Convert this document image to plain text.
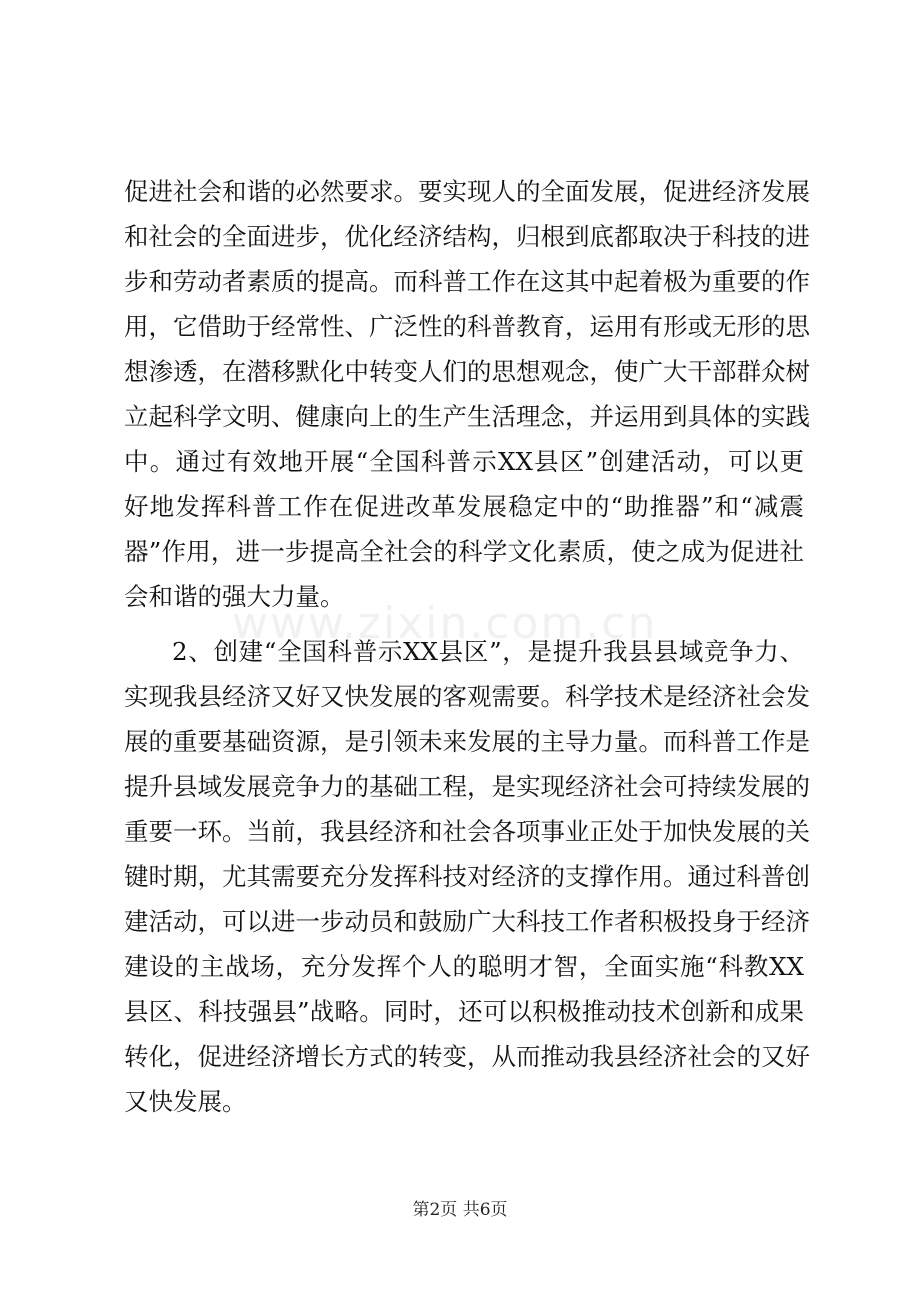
www.zixin.com.cn
促进社会和谐的必然要求。要实现人的全面发展，促进经济发展
和社会的全面进步，优化经济结构，归根到底都取决于科技的进
步和劳动者素质的提高。而科普工作在这其中起着极为重要的作
用，它借助于经常性、广泛性的科普教育，运用有形或无形的思
想渗透，在潜移默化中转变人们的思想观念，使广大干部群众树
立起科学文明、健康向上的生产生活理念，并运用到具体的实践
中。通过有效地开展“全国科普示XX县区”创建活动，可以更
好地发挥科普工作在促进改革发展稳定中的“助推器”和“减震
器”作用，进一步提高全社会的科学文化素质，使之成为促进社
会和谐的强大力量。
2、创建“全国科普示XX县区”，是提升我县县域竞争力、
实现我县经济又好又快发展的客观需要。科学技术是经济社会发
展的重要基础资源，是引领未来发展的主导力量。而科普工作是
提升县域发展竞争力的基础工程，是实现经济社会可持续发展的
重要一环。当前，我县经济和社会各项事业正处于加快发展的关
键时期，尤其需要充分发挥科技对经济的支撑作用。通过科普创
建活动，可以进一步动员和鼓励广大科技工作者积极投身于经济
建设的主战场，充分发挥个人的聪明才智，全面实施“科教XX
县区、科技强县”战略。同时，还可以积极推动技术创新和成果
转化，促进经济增长方式的转变，从而推动我县经济社会的又好
又快发展。
第2页 共6页
